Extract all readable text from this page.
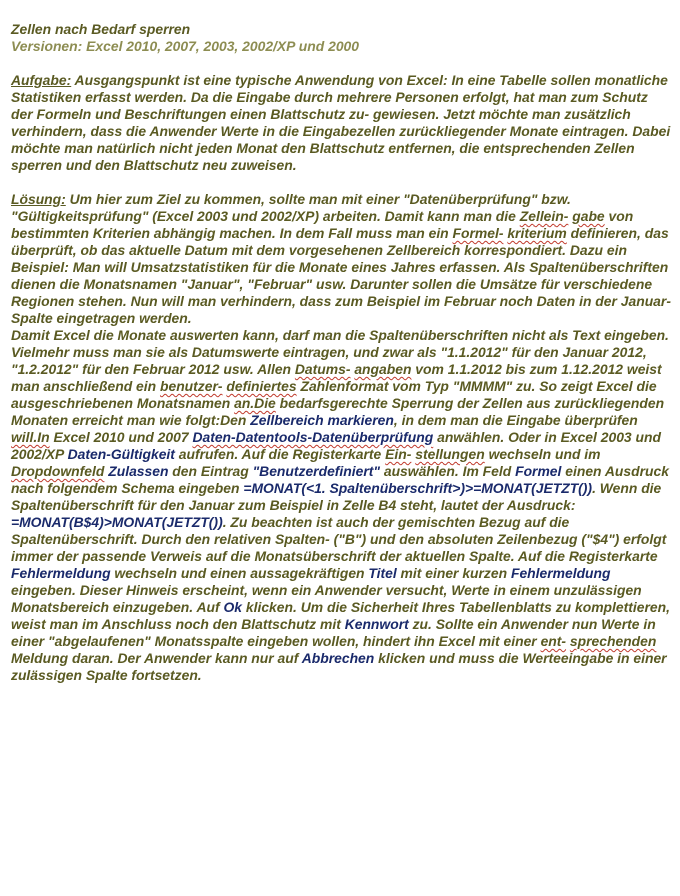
Zellen nach Bedarf sperren
Versionen: Excel 2010, 2007, 2003, 2002/XP und 2000
Aufgabe: Ausgangspunkt ist eine typische Anwendung von Excel: In eine Tabelle sollen monatliche Statistiken erfasst werden. Da die Eingabe durch mehrere Personen erfolgt, hat man zum Schutz der Formeln und Beschriftungen einen Blattschutz zu- gewiesen. Jetzt möchte man zusätzlich verhindern, dass die Anwender Werte in die Eingabezellen zurückliegender Monate eintragen. Dabei möchte man natürlich nicht jeden Monat den Blattschutz entfernen, die entsprechenden Zellen sperren und den Blattschutz neu zuweisen.
Lösung: Um hier zum Ziel zu kommen, sollte man mit einer "Datenüberprüfung" bzw. "Gültigkeitsprüfung" (Excel 2003 und 2002/XP) arbeiten. Damit kann man die Zellein- gabe von bestimmten Kriterien abhängig machen. In dem Fall muss man ein Formel- kriterium definieren, das überprüft, ob das aktuelle Datum mit dem vorgesehenen Zellbereich korrespondiert. Dazu ein Beispiel: Man will Umsatzstatistiken für die Monate eines Jahres erfassen. Als Spaltenüberschriften dienen die Monatsnamen "Januar", "Februar" usw. Darunter sollen die Umsätze für verschiedene Regionen stehen. Nun will man verhindern, dass zum Beispiel im Februar noch Daten in der Januar-Spalte eingetragen werden.
Damit Excel die Monate auswerten kann, darf man die Spaltenüberschriften nicht als Text eingeben. Vielmehr muss man sie als Datumswerte eintragen, und zwar als "1.1.2012" für den Januar 2012, "1.2.2012" für den Februar 2012 usw. Allen Datums- angaben vom 1.1.2012 bis zum 1.12.2012 weist man anschließend ein benutzer- definiertes Zahlenformat vom Typ "MMMM" zu. So zeigt Excel die ausgeschriebenen Monatsnamen an.Die bedarfsgerechte Sperrung der Zellen aus zurückliegenden Monaten erreicht man wie folgt:Den Zellbereich markieren, in dem man die Eingabe überprüfen will.In Excel 2010 und 2007 Daten-Datentools-Datenüberprüfung anwählen. Oder in Excel 2003 und 2002/XP Daten-Gültigkeit aufrufen. Auf die Registerkarte Ein- stellungen wechseln und im Dropdownfeld Zulassen den Eintrag "Benutzerdefiniert" auswählen. Im Feld Formel einen Ausdruck nach folgendem Schema eingeben =MONAT(<1. Spaltenüberschrift>)>=MONAT(JETZT()). Wenn die Spaltenüberschrift für den Januar zum Beispiel in Zelle B4 steht, lautet der Ausdruck: =MONAT(B$4)>MONAT(JETZT()). Zu beachten ist auch der gemischten Bezug auf die Spaltenüberschrift. Durch den relativen Spalten- ("B") und den absoluten Zeilenbezug ("$4") erfolgt immer der passende Verweis auf die Monatsüberschrift der aktuellen Spalte. Auf die Registerkarte Fehlermeldung wechseln und einen aussagekräftigen Titel mit einer kurzen Fehlermeldung eingeben. Dieser Hinweis erscheint, wenn ein Anwender versucht, Werte in einem unzulässigen Monatsbereich einzugeben. Auf Ok klicken. Um die Sicherheit Ihres Tabellenblatts zu komplettieren, weist man im Anschluss noch den Blattschutz mit Kennwort zu. Sollte ein Anwender nun Werte in einer "abgelaufenen" Monatsspalte eingeben wollen, hindert ihn Excel mit einer ent- sprechenden Meldung daran. Der Anwender kann nur auf Abbrechen klicken und muss die Werteeingabe in einer zulässigen Spalte fortsetzen.
